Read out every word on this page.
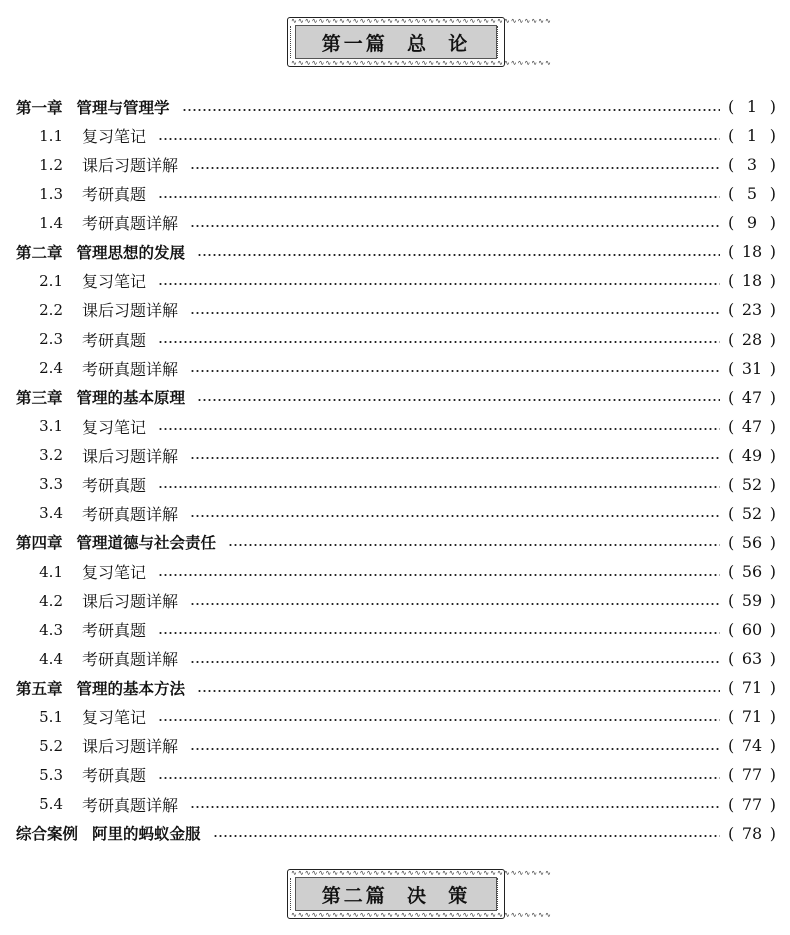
∿∿∿∿∿∿∿∿∿∿∿∿∿∿∿∿∿∿∿∿∿∿∿∿∿∿∿∿∿∿∿∿∿∿∿∿∿∿
第一篇  总  论
∿∿∿∿∿∿∿∿∿∿∿∿∿∿∿∿∿∿∿∿∿∿∿∿∿∿∿∿∿∿∿∿∿∿∿∿∿∿
第一章 管理与管理学	( 1 )
1.1 复习笔记	( 1 )
1.2 课后习题详解	( 3 )
1.3 考研真题	( 5 )
1.4 考研真题详解	( 9 )
第二章 管理思想的发展	( 18 )
2.1 复习笔记	( 18 )
2.2 课后习题详解	( 23 )
2.3 考研真题	( 28 )
2.4 考研真题详解	( 31 )
第三章 管理的基本原理	( 47 )
3.1 复习笔记	( 47 )
3.2 课后习题详解	( 49 )
3.3 考研真题	( 52 )
3.4 考研真题详解	( 52 )
第四章 管理道德与社会责任	( 56 )
4.1 复习笔记	( 56 )
4.2 课后习题详解	( 59 )
4.3 考研真题	( 60 )
4.4 考研真题详解	( 63 )
第五章 管理的基本方法	( 71 )
5.1 复习笔记	( 71 )
5.2 课后习题详解	( 74 )
5.3 考研真题	( 77 )
5.4 考研真题详解	( 77 )
综合案例 阿里的蚂蚁金服	( 78 )
∿∿∿∿∿∿∿∿∿∿∿∿∿∿∿∿∿∿∿∿∿∿∿∿∿∿∿∿∿∿∿∿∿∿∿∿∿∿
第二篇  决  策
∿∿∿∿∿∿∿∿∿∿∿∿∿∿∿∿∿∿∿∿∿∿∿∿∿∿∿∿∿∿∿∿∿∿∿∿∿∿
